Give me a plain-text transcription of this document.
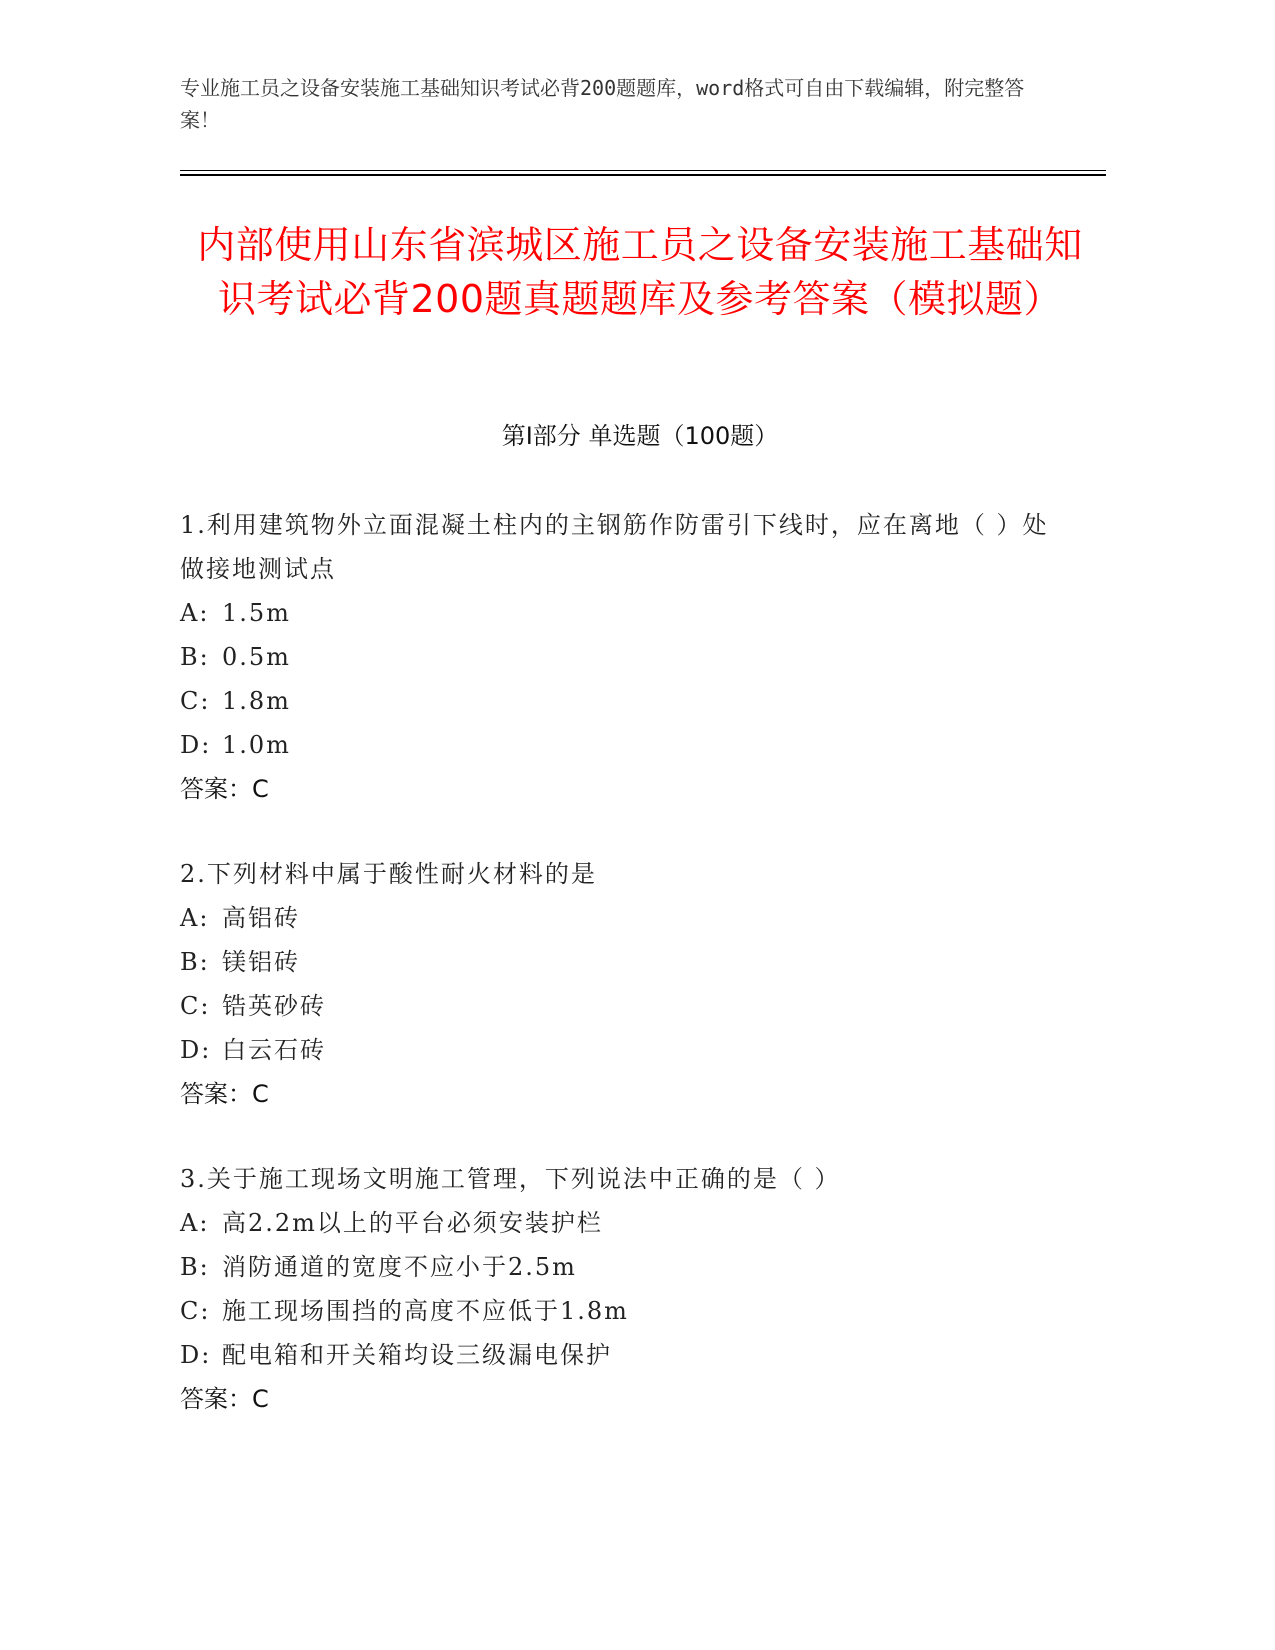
专业施工员之设备安装施工基础知识考试必背200题题库，word格式可自由下载编辑，附完整答案！
内部使用山东省滨城区施工员之设备安装施工基础知识考试必背200题真题题库及参考答案（模拟题）
第I部分 单选题（100题）

1.利用建筑物外立面混凝土柱内的主钢筋作防雷引下线时，应在离地（ ）处做接地测试点

A: 1.5m

B: 0.5m

C: 1.8m

D: 1.0m

答案：C

2.下列材料中属于酸性耐火材料的是

A: 高铝砖

B: 镁铝砖

C: 锆英砂砖

D: 白云石砖

答案：C

3.关于施工现场文明施工管理，下列说法中正确的是（ ）

A: 高2.2m以上的平台必须安装护栏

B: 消防通道的宽度不应小于2.5m

C: 施工现场围挡的高度不应低于1.8m

D: 配电箱和开关箱均设三级漏电保护

答案：C
